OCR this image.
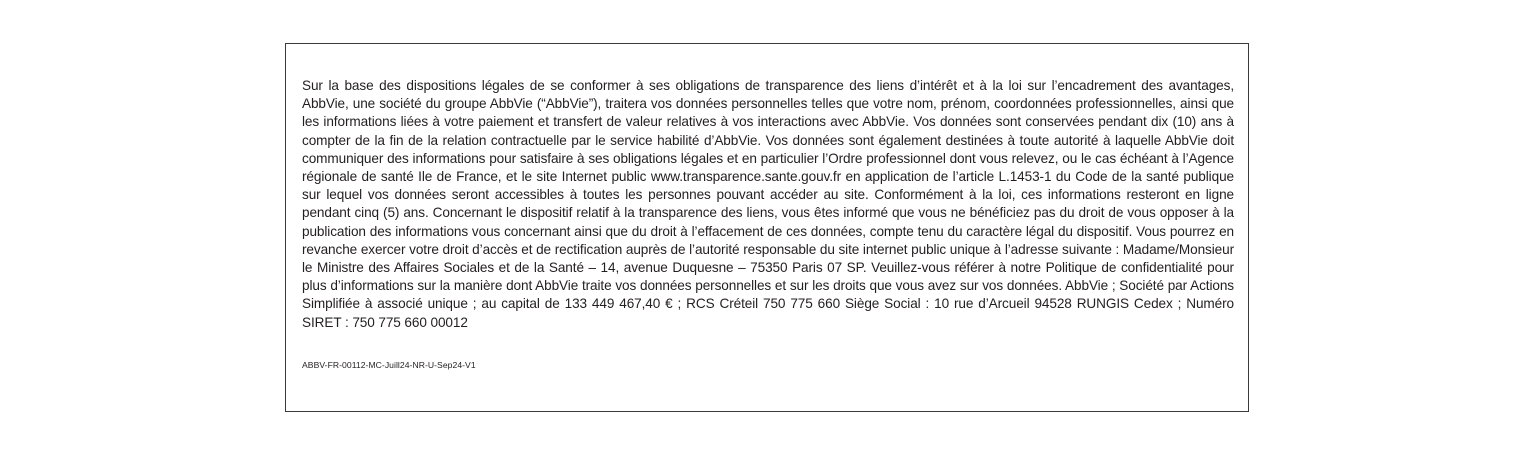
Sur la base des dispositions légales de se conformer à ses obligations de transparence des liens d’intérêt et à la loi sur l’encadrement des avantages, AbbVie, une société du groupe AbbVie (“AbbVie”), traitera vos données personnelles telles que votre nom, prénom, coordonnées professionnelles, ainsi que les informations liées à votre paiement et transfert de valeur relatives à vos interactions avec AbbVie. Vos données sont conservées pendant dix (10) ans à compter de la fin de la relation contractuelle par le service habilité d’AbbVie. Vos données sont également destinées à toute autorité à laquelle AbbVie doit communiquer des informations pour satisfaire à ses obligations légales et en particulier l’Ordre professionnel dont vous relevez, ou le cas échéant à l’Agence régionale de santé Ile de France, et le site Internet public www.transparence.sante.gouv.fr en application de l’article L.1453-1 du Code de la santé publique sur lequel vos données seront accessibles à toutes les personnes pouvant accéder au site. Conformément à la loi, ces informations resteront en ligne pendant cinq (5) ans. Concernant le dispositif relatif à la transparence des liens, vous êtes informé que vous ne bénéficiez pas du droit de vous opposer à la publication des informations vous concernant ainsi que du droit à l’effacement de ces données, compte tenu du caractère légal du dispositif. Vous pourrez en revanche exercer votre droit d’accès et de rectification auprès de l’autorité responsable du site internet public unique à l’adresse suivante : Madame/Monsieur le Ministre des Affaires Sociales et de la Santé – 14, avenue Duquesne – 75350 Paris 07 SP. Veuillez-vous référer à notre Politique de confidentialité pour plus d’informations sur la manière dont AbbVie traite vos données personnelles et sur les droits que vous avez sur vos données. AbbVie ; Société par Actions Simplifiée à associé unique ; au capital de 133 449 467,40 € ; RCS Créteil 750 775 660 Siège Social : 10 rue d’Arcueil 94528 RUNGIS Cedex ; Numéro SIRET : 750 775 660 00012

ABBV-FR-00112-MC-Juill24-NR-U-Sep24-V1
